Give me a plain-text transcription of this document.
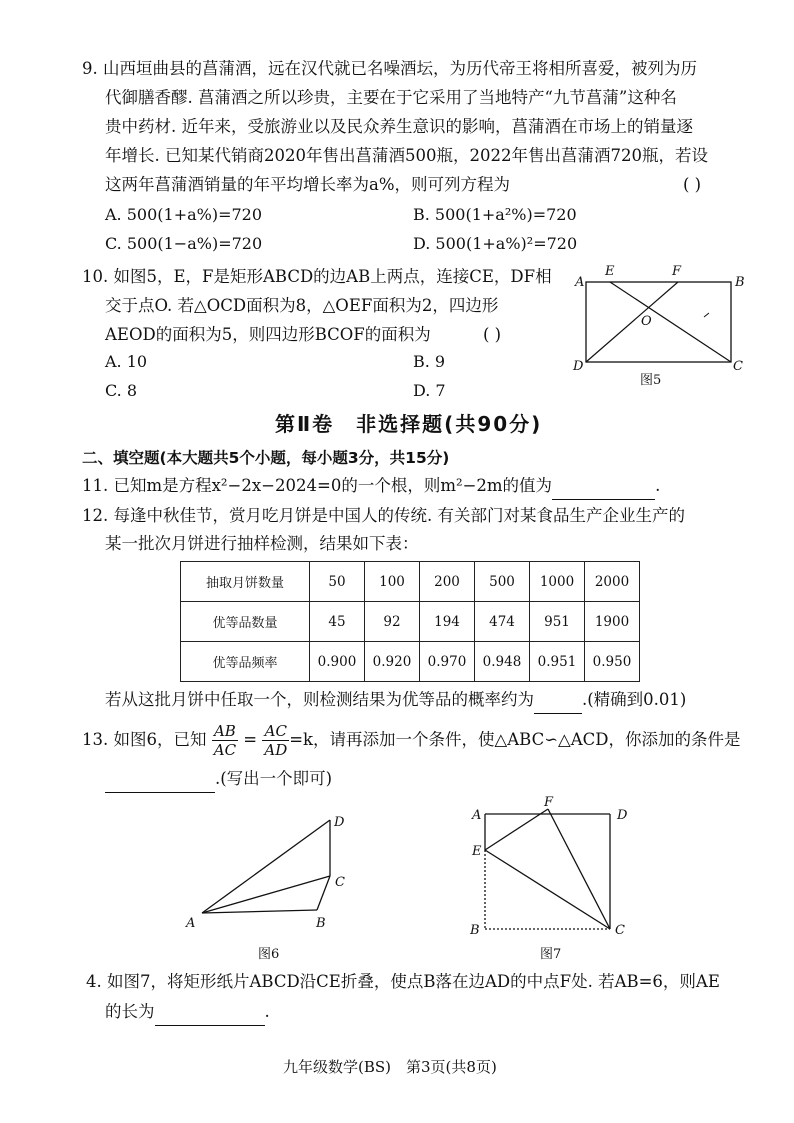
9. 山西垣曲县的菖蒲酒，远在汉代就已名噪酒坛，为历代帝王将相所喜爱，被列为历
代御膳香醪. 菖蒲酒之所以珍贵，主要在于它采用了当地特产“九节菖蒲”这种名
贵中药材. 近年来，受旅游业以及民众养生意识的影响，菖蒲酒在市场上的销量逐
年增长. 已知某代销商2020年售出菖蒲酒500瓶，2022年售出菖蒲酒720瓶，若设
这两年菖蒲酒销量的年平均增长率为a%，则可列方程为	( )
A. 500(1+a%)=720	B. 500(1+a²%)=720
C. 500(1−a%)=720	D. 500(1+a%)²=720
10. 如图5，E，F是矩形ABCD的边AB上两点，连接CE，DF相
交于点O. 若△OCD面积为8，△OEF面积为2，四边形
AEOD的面积为5，则四边形BCOF的面积为	( )
A. 10	B. 9
C. 8	D. 7
A
E	F
B
O
D	C
图5
第Ⅱ卷　非选择题(共90分)
二、填空题(本大题共5个小题，每小题3分，共15分)
11. 已知m是方程x²−2x−2024=0的一个根，则m²−2m的值为	.
12. 每逢中秋佳节，赏月吃月饼是中国人的传统. 有关部门对某食品生产企业生产的
某一批次月饼进行抽样检测，结果如下表：
抽取月饼数量	50	100	200	500	1000	2000
优等品数量	45	92	194	474	951	1900
优等品频率	0.900	0.920	0.970	0.948	0.951	0.950
若从这批月饼中任取一个，则检测结果为优等品的概率约为	.(精确到0.01)
13. 如图6，已知 $\frac{AB}{AC} = \frac{AC}{AD} =k$，请再添加一个条件，使△ABC∽△ACD，你添加的条件是
.(写出一个即可)
A	B
C
D
图6
A
F
D
E
B	C
图7
4. 如图7，将矩形纸片ABCD沿CE折叠，使点B落在边AD的中点F处. 若AB=6，则AE
的长为	.
九年级数学(BS)　第3页(共8页)
